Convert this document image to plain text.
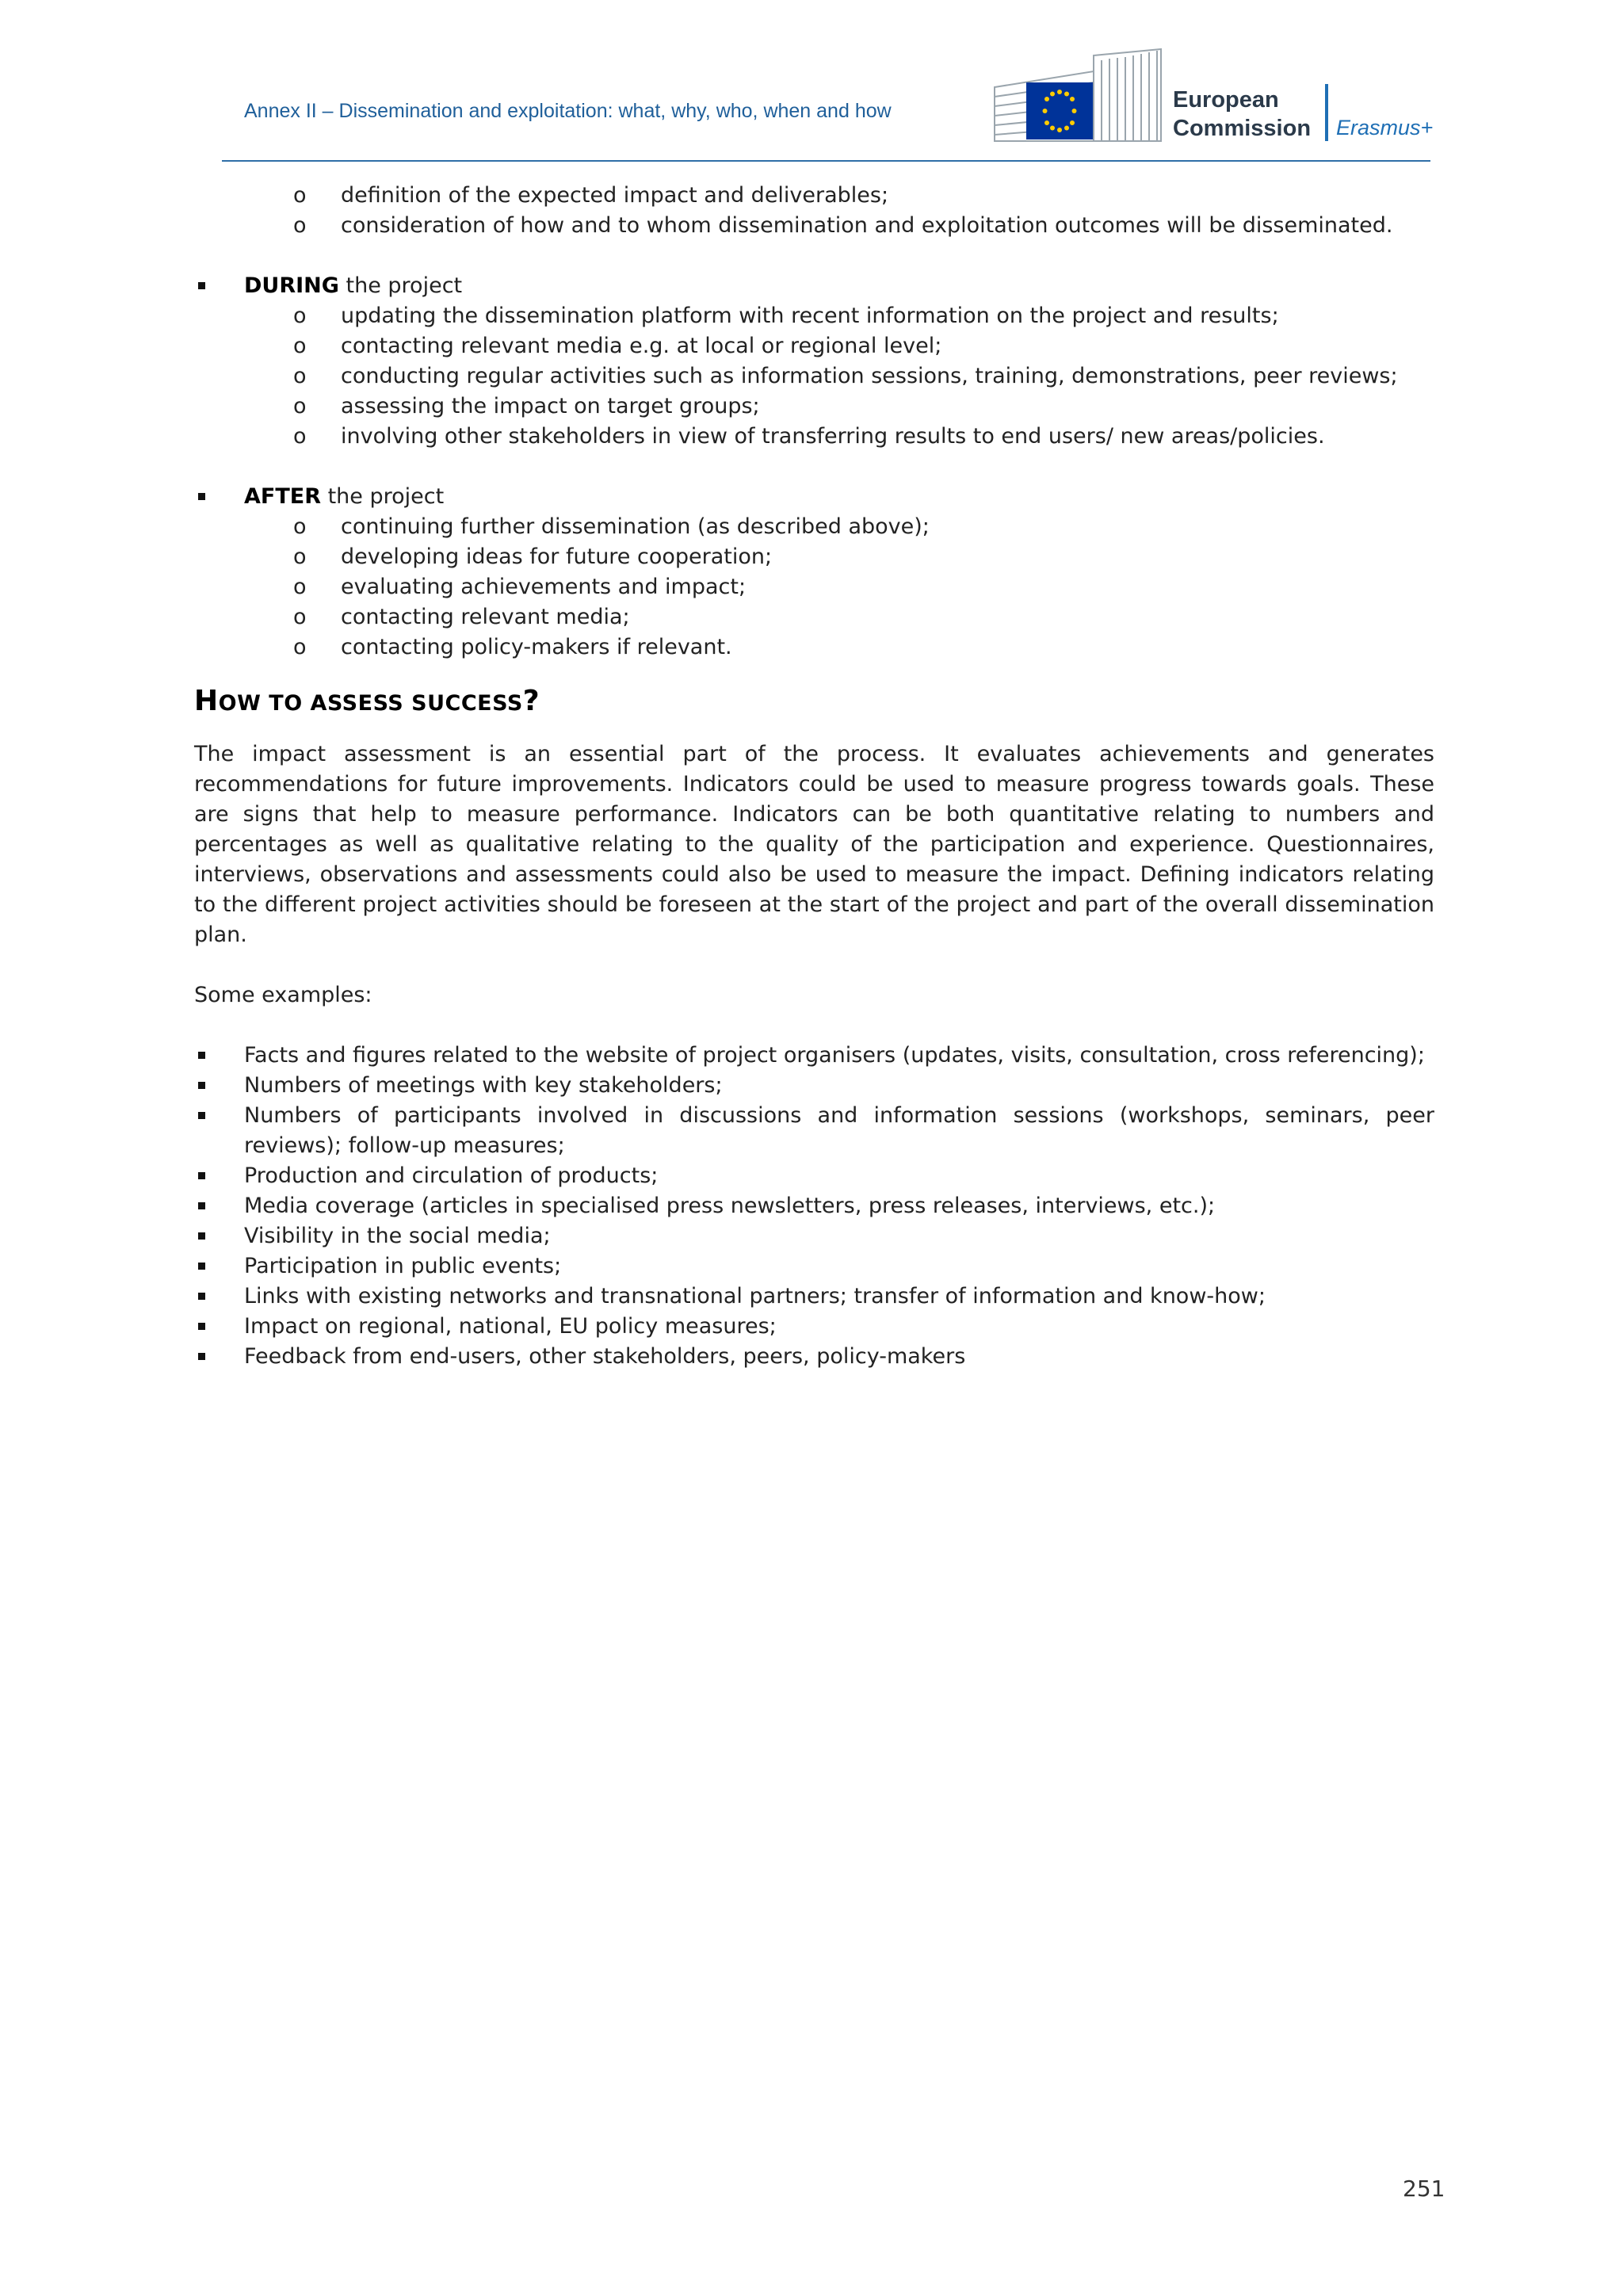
Annex II – Dissemination and exploitation: what, why, who, when and how	European
Commission Erasmus+
o definition of the expected impact and deliverables;
o consideration of how and to whom dissemination and exploitation outcomes will be disseminated.
DURING the project
o updating the dissemination platform with recent information on the project and results;
o contacting relevant media e.g. at local or regional level;
o conducting regular activities such as information sessions, training, demonstrations, peer reviews;
o assessing the impact on target groups;
o involving other stakeholders in view of transferring results to end users/ new areas/policies.
AFTER the project
o continuing further dissemination (as described above);
o developing ideas for future cooperation;
o evaluating achievements and impact;
o contacting relevant media;
o contacting policy-makers if relevant.
HOW TO ASSESS SUCCESS?
The impact assessment is an essential part of the process. It evaluates achievements and generates recommendations for future improvements. Indicators could be used to measure progress towards goals. These are signs that help to measure performance. Indicators can be both quantitative relating to numbers and percentages as well as qualitative relating to the quality of the participation and experience. Questionnaires, interviews, observations and assessments could also be used to measure the impact. Defining indicators relating to the different project activities should be foreseen at the start of the project and part of the overall dissemination plan.
Some examples:
Facts and figures related to the website of project organisers (updates, visits, consultation, cross referencing);
Numbers of meetings with key stakeholders;
Numbers of participants involved in discussions and information sessions (workshops, seminars, peer reviews); follow-up measures;
Production and circulation of products;
Media coverage (articles in specialised press newsletters, press releases, interviews, etc.);
Visibility in the social media;
Participation in public events;
Links with existing networks and transnational partners; transfer of information and know-how;
Impact on regional, national, EU policy measures;
Feedback from end-users, other stakeholders, peers, policy-makers
251
